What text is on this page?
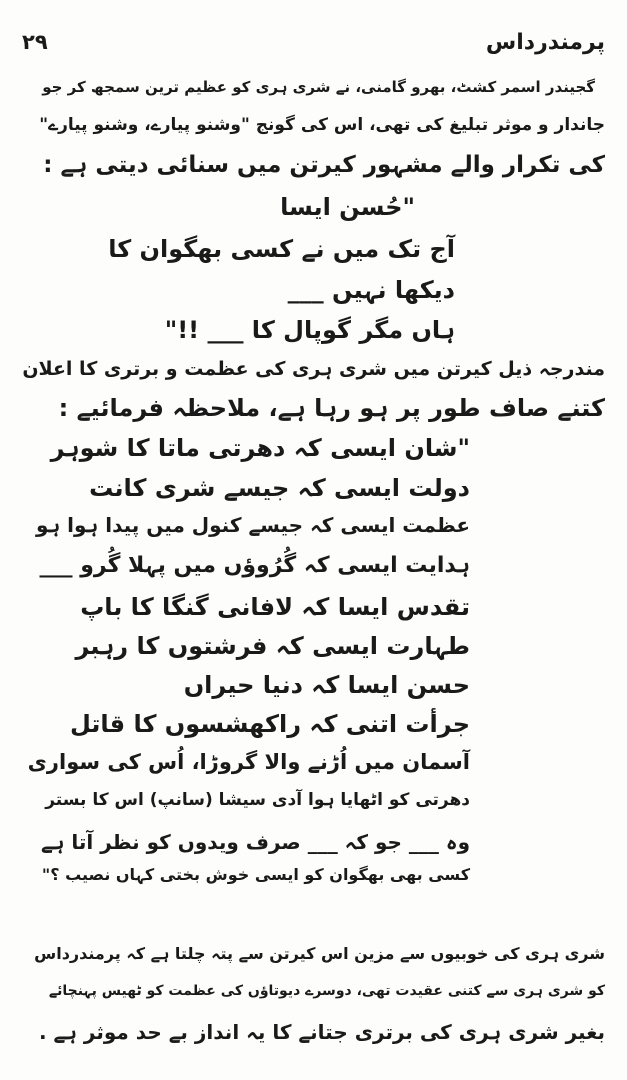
۲۹	پرمندرداس
گجیندر اسمر کشٹ، بھرو گامنی، نے شری ہری کو عظیم ترین سمجھ کر جو
جاندار و موثر تبلیغ کی تھی، اس کی گونج "وشنو پیارے، وشنو پیارے"
کی تکرار والے مشہور کیرتن میں سنائی دیتی ہے :
"حُسن ایسا
آج تک میں نے کسی بھگوان کا
دیکھا نہیں ___
ہاں مگر گوپال کا ___ !!"
مندرجہ ذیل کیرتن میں شری ہری کی عظمت و برتری کا اعلان
کتنے صاف طور پر ہو رہا ہے، ملاحظہ فرمائیے :
"شان ایسی کہ دھرتی ماتا کا شوہر
دولت ایسی کہ جیسے شری کانت
عظمت ایسی کہ جیسے کنول میں پیدا ہوا ہو
ہدایت ایسی کہ گُرُوؤں میں پہلا گُرو ___
تقدس ایسا کہ لافانی گنگا کا باپ
طہارت ایسی کہ فرشتوں کا رہبر
حسن ایسا کہ دنیا حیراں
جرأت اتنی کہ راکھشسوں کا قاتل
آسمان میں اُڑنے والا گروڑا، اُس کی سواری
دھرتی کو اٹھایا ہوا آدی سیشا (سانپ) اس کا بستر
وہ ___ جو کہ ___ صرف ویدوں کو نظر آتا ہے
کسی بھی بھگوان کو ایسی خوش بختی کہاں نصیب ؟"
شری ہری کی خوبیوں سے مزین اس کیرتن سے پتہ چلتا ہے کہ پرمندرداس
کو شری ہری سے کتنی عقیدت تھی، دوسرے دیوتاؤں کی عظمت کو ٹھیس پہنچائے
بغیر شری ہری کی برتری جتانے کا یہ انداز بے حد موثر ہے .
